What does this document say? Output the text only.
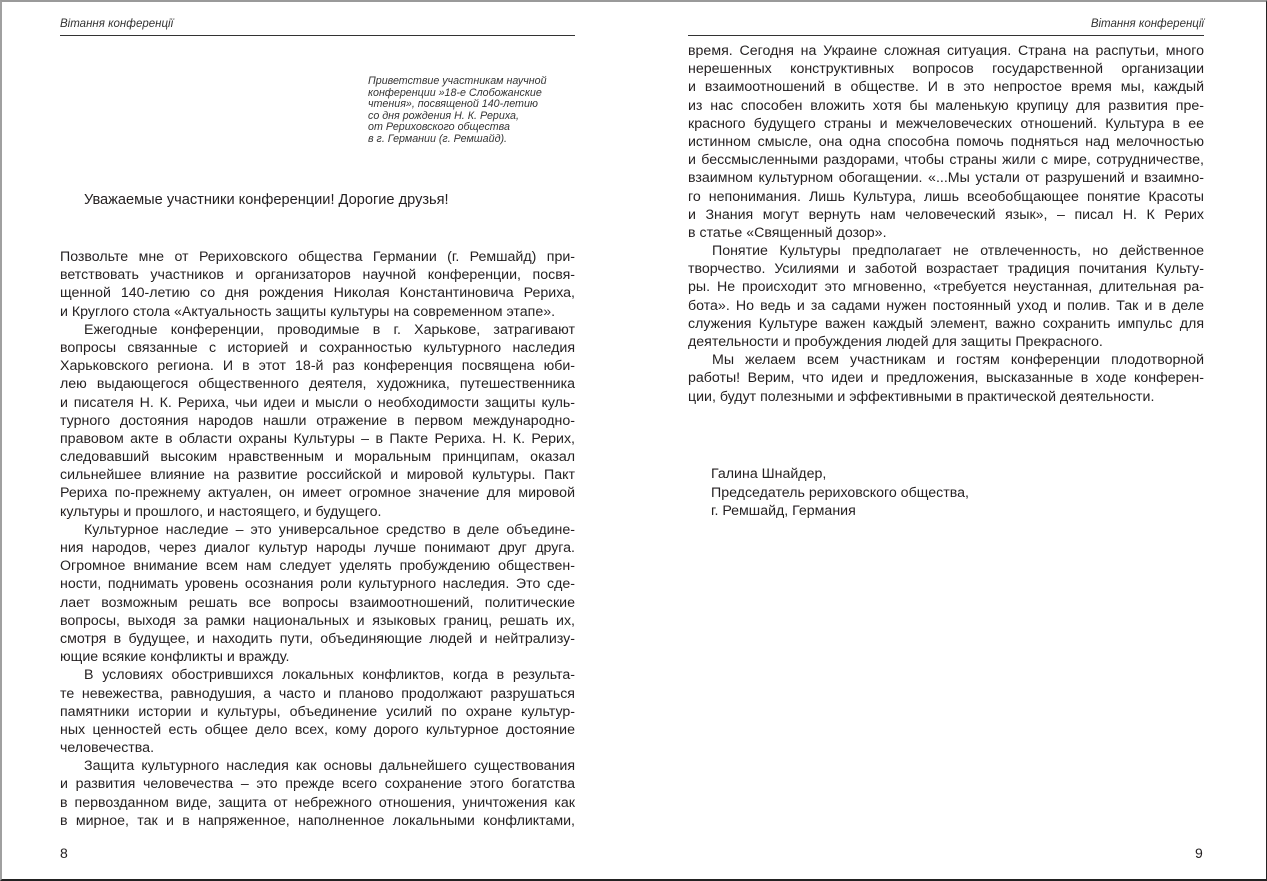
Вітання конференції
Приветствие участникам научной
конференции »18-е Слобожанские
чтения», посвященой 140-летию
со дня рождения Н. К. Рериха,
от Рериховского общества
в г. Германии (г. Ремшайд).
Уважаемые участники конференции! Дорогие друзья!
Позвольте мне от Рериховского общества Германии (г. Ремшайд) при-
ветствовать участников и организаторов научной конференции, посвя-
щенной 140-летию со дня рождения Николая Константиновича Рериха,
и Круглого стола «Актуальность защиты культуры на современном этапе».
Ежегодные конференции, проводимые в г. Харькове, затрагивают
вопросы связанные с историей и сохранностью культурного наследия
Харьковского региона. И в этот 18-й раз конференция посвящена юби-
лею выдающегося общественного деятеля, художника, путешественника
и писателя Н. К. Рериха, чьи идеи и мысли о необходимости защиты куль-
турного достояния народов нашли отражение в первом международно-
правовом акте в области охраны Культуры – в Пакте Рериха. Н. К. Рерих,
следовавший высоким нравственным и моральным принципам, оказал
сильнейшее влияние на развитие российской и мировой культуры. Пакт
Рериха по-прежнему актуален, он имеет огромное значение для мировой
культуры и прошлого, и настоящего, и будущего.
Культурное наследие – это универсальное средство в деле объедине-
ния народов, через диалог культур народы лучше понимают друг друга.
Огромное внимание всем нам следует уделять пробуждению обществен-
ности, поднимать уровень осознания роли культурного наследия. Это сде-
лает возможным решать все вопросы взаимоотношений, политические
вопросы, выходя за рамки национальных и языковых границ, решать их,
смотря в будущее, и находить пути, объединяющие людей и нейтрализу-
ющие всякие конфликты и вражду.
В условиях обострившихся локальных конфликтов, когда в результа-
те невежества, равнодушия, а часто и планово продолжают разрушаться
памятники истории и культуры, объединение усилий по охране культур-
ных ценностей есть общее дело всех, кому дорого культурное достояние
человечества.
Защита культурного наследия как основы дальнейшего существования
и развития человечества – это прежде всего сохранение этого богатства
в первозданном виде, защита от небрежного отношения, уничтожения как
в мирное, так и в напряженное, наполненное локальными конфликтами,
8
Вiтання конференції
время. Сегодня на Украине сложная ситуация. Страна на распутьи, много
нерешенных конструктивных вопросов государственной организации
и взаимоотношений в обществе. И в это непростое время мы, каждый
из нас способен вложить хотя бы маленькую крупицу для развития пре-
красного будущего страны и межчеловеческих отношений. Культура в ее
истинном смысле, она одна способна помочь подняться над мелочностью
и бессмысленными раздорами, чтобы страны жили с мире, сотрудничестве,
взаимном культурном обогащении. «...Мы устали от разрушений и взаимно-
го непонимания. Лишь Культура, лишь всеобобщающее понятие Красоты
и Знания могут вернуть нам человеческий язык», – писал Н. К Рерих
в статье «Священный дозор».
Понятие Культуры предполагает не отвлеченность, но действенное
творчество. Усилиями и заботой возрастает традиция почитания Культу-
ры. Не происходит это мгновенно, «требуется неустанная, длительная ра-
бота». Но ведь и за садами нужен постоянный уход и полив. Так и в деле
служения Культуре важен каждый элемент, важно сохранить импульс для
деятельности и пробуждения людей для защиты Прекрасного.
Мы желаем всем участникам и гостям конференции плодотворной
работы! Верим, что идеи и предложения, высказанные в ходе конферен-
ции, будут полезными и эффективными в практической деятельности.
Галина Шнайдер,
Председатель рериховского общества,
г. Ремшайд, Германия
9
